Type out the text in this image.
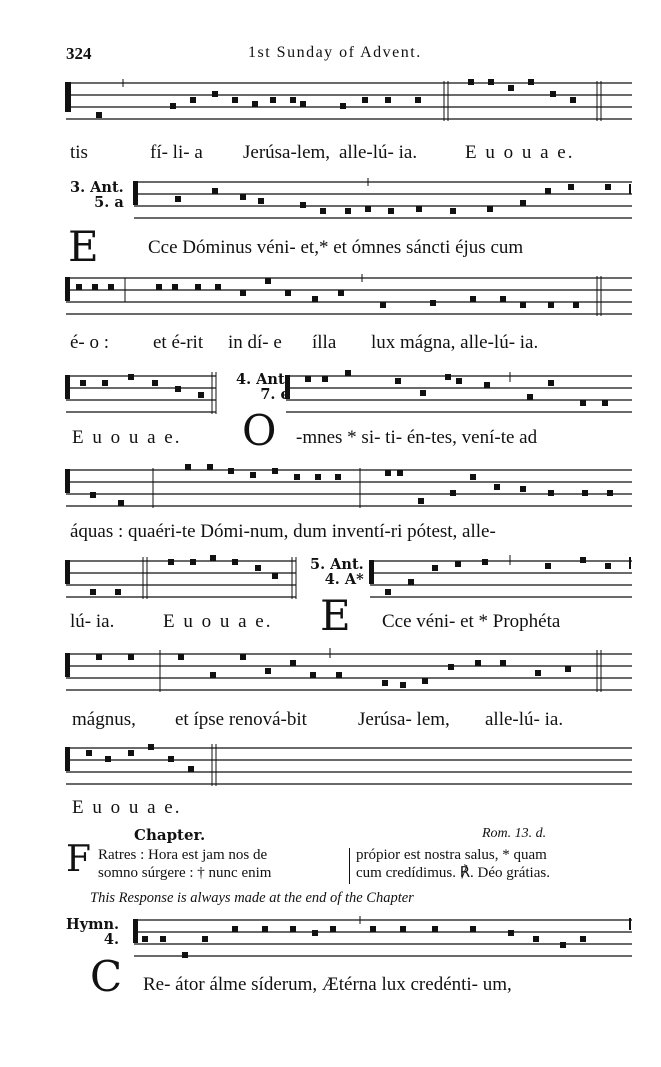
324	1st Sunday of Advent.
tis	fí- li- a Jerúsa-lem, alle-lú- ia.	E u o u a e.
3. Ant.
5. a
E	Cce Dóminus véni- et,* et ómnes sáncti éjus cum
é- o : et é-rit in dí- e ílla lux mágna, alle-lú- ia.
4. Ant.
7. e
E u o u a e. O -mnes * si- ti- én-tes, vení-te ad
áquas : quaéri-te Dómi-num, dum inventí-ri pótest, alle-
5. Ant.
4. A*
lú- ia.	E u o u a e. E Cce véni- et * Prophéta
mágnus, et ípse renová-bit	Jerúsa- lem, alle-lú- ia.
E u o u a e.
Chapter.	Rom. 13. d.
F Ratres : Hora est jam nos de
somno súrgere : † nunc enim
própior est nostra salus, * quam
cum credídimus. ℟. Déo grátias.
This Response is always made at the end of the Chapter
Hymn.
4.
C Re- átor álme síderum, Ætérna lux credénti- um,
